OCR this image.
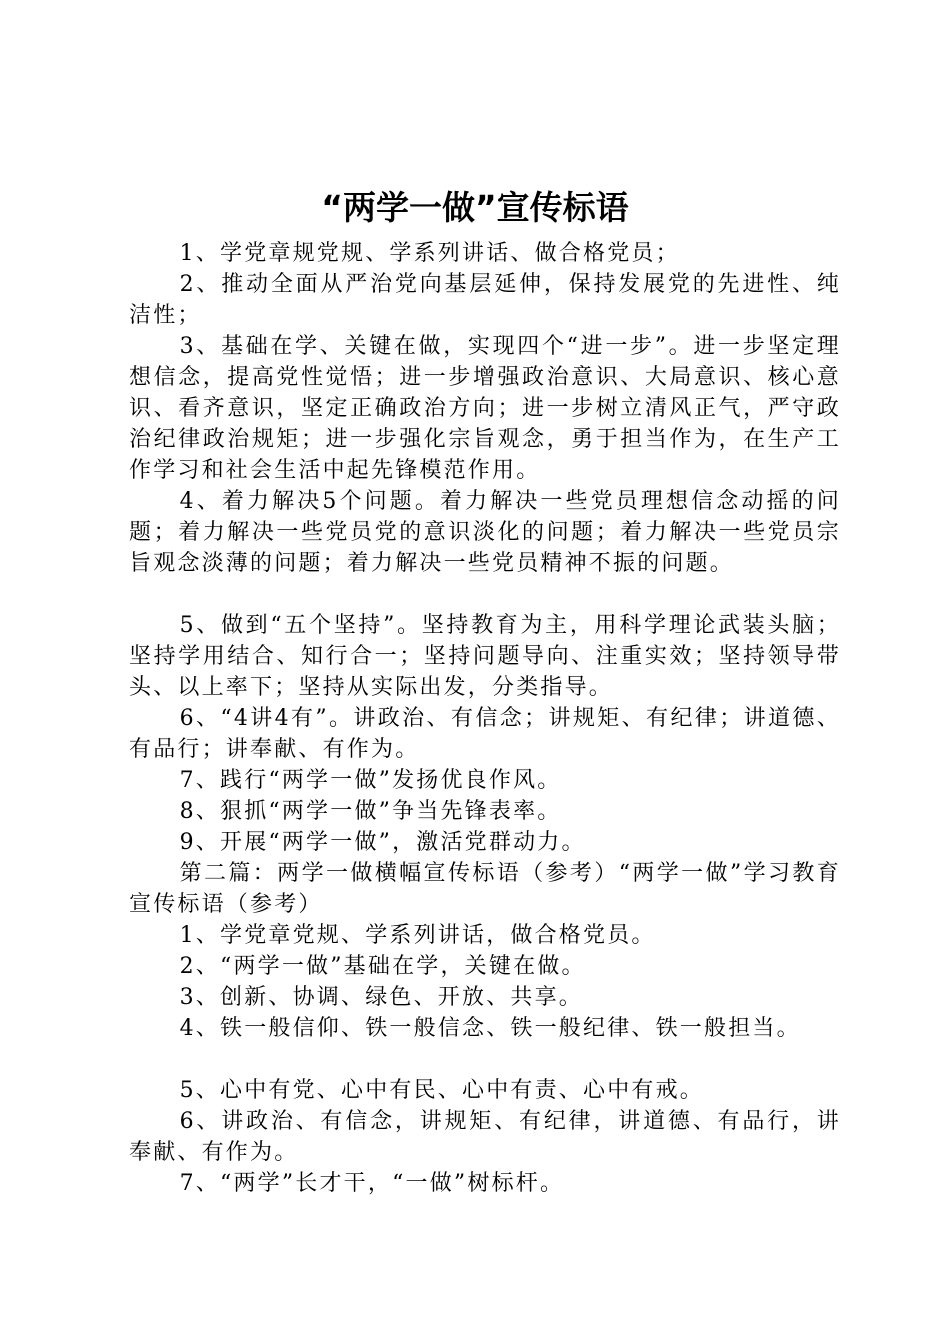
“两学一做”宣传标语

1、学党章规党规、学系列讲话、做合格党员；

2、推动全面从严治党向基层延伸，保持发展党的先进性、纯洁性；

3、基础在学、关键在做，实现四个“进一步”。进一步坚定理想信念，提高党性觉悟；进一步增强政治意识、大局意识、核心意识、看齐意识，坚定正确政治方向；进一步树立清风正气，严守政治纪律政治规矩；进一步强化宗旨观念，勇于担当作为，在生产工作学习和社会生活中起先锋模范作用。

4、着力解决5个问题。着力解决一些党员理想信念动摇的问题；着力解决一些党员党的意识淡化的问题；着力解决一些党员宗旨观念淡薄的问题；着力解决一些党员精神不振的问题。

5、做到“五个坚持”。坚持教育为主，用科学理论武装头脑；坚持学用结合、知行合一；坚持问题导向、注重实效；坚持领导带头、以上率下；坚持从实际出发，分类指导。

6、“4讲4有”。讲政治、有信念；讲规矩、有纪律；讲道德、有品行；讲奉献、有作为。

7、践行“两学一做”发扬优良作风。

8、狠抓“两学一做”争当先锋表率。

9、开展“两学一做”，激活党群动力。

第二篇：两学一做横幅宣传标语（参考）“两学一做”学习教育宣传标语（参考）

1、学党章党规、学系列讲话，做合格党员。

2、“两学一做”基础在学，关键在做。

3、创新、协调、绿色、开放、共享。

4、铁一般信仰、铁一般信念、铁一般纪律、铁一般担当。

5、心中有党、心中有民、心中有责、心中有戒。

6、讲政治、有信念，讲规矩、有纪律，讲道德、有品行，讲奉献、有作为。

7、“两学”长才干，“一做”树标杆。
